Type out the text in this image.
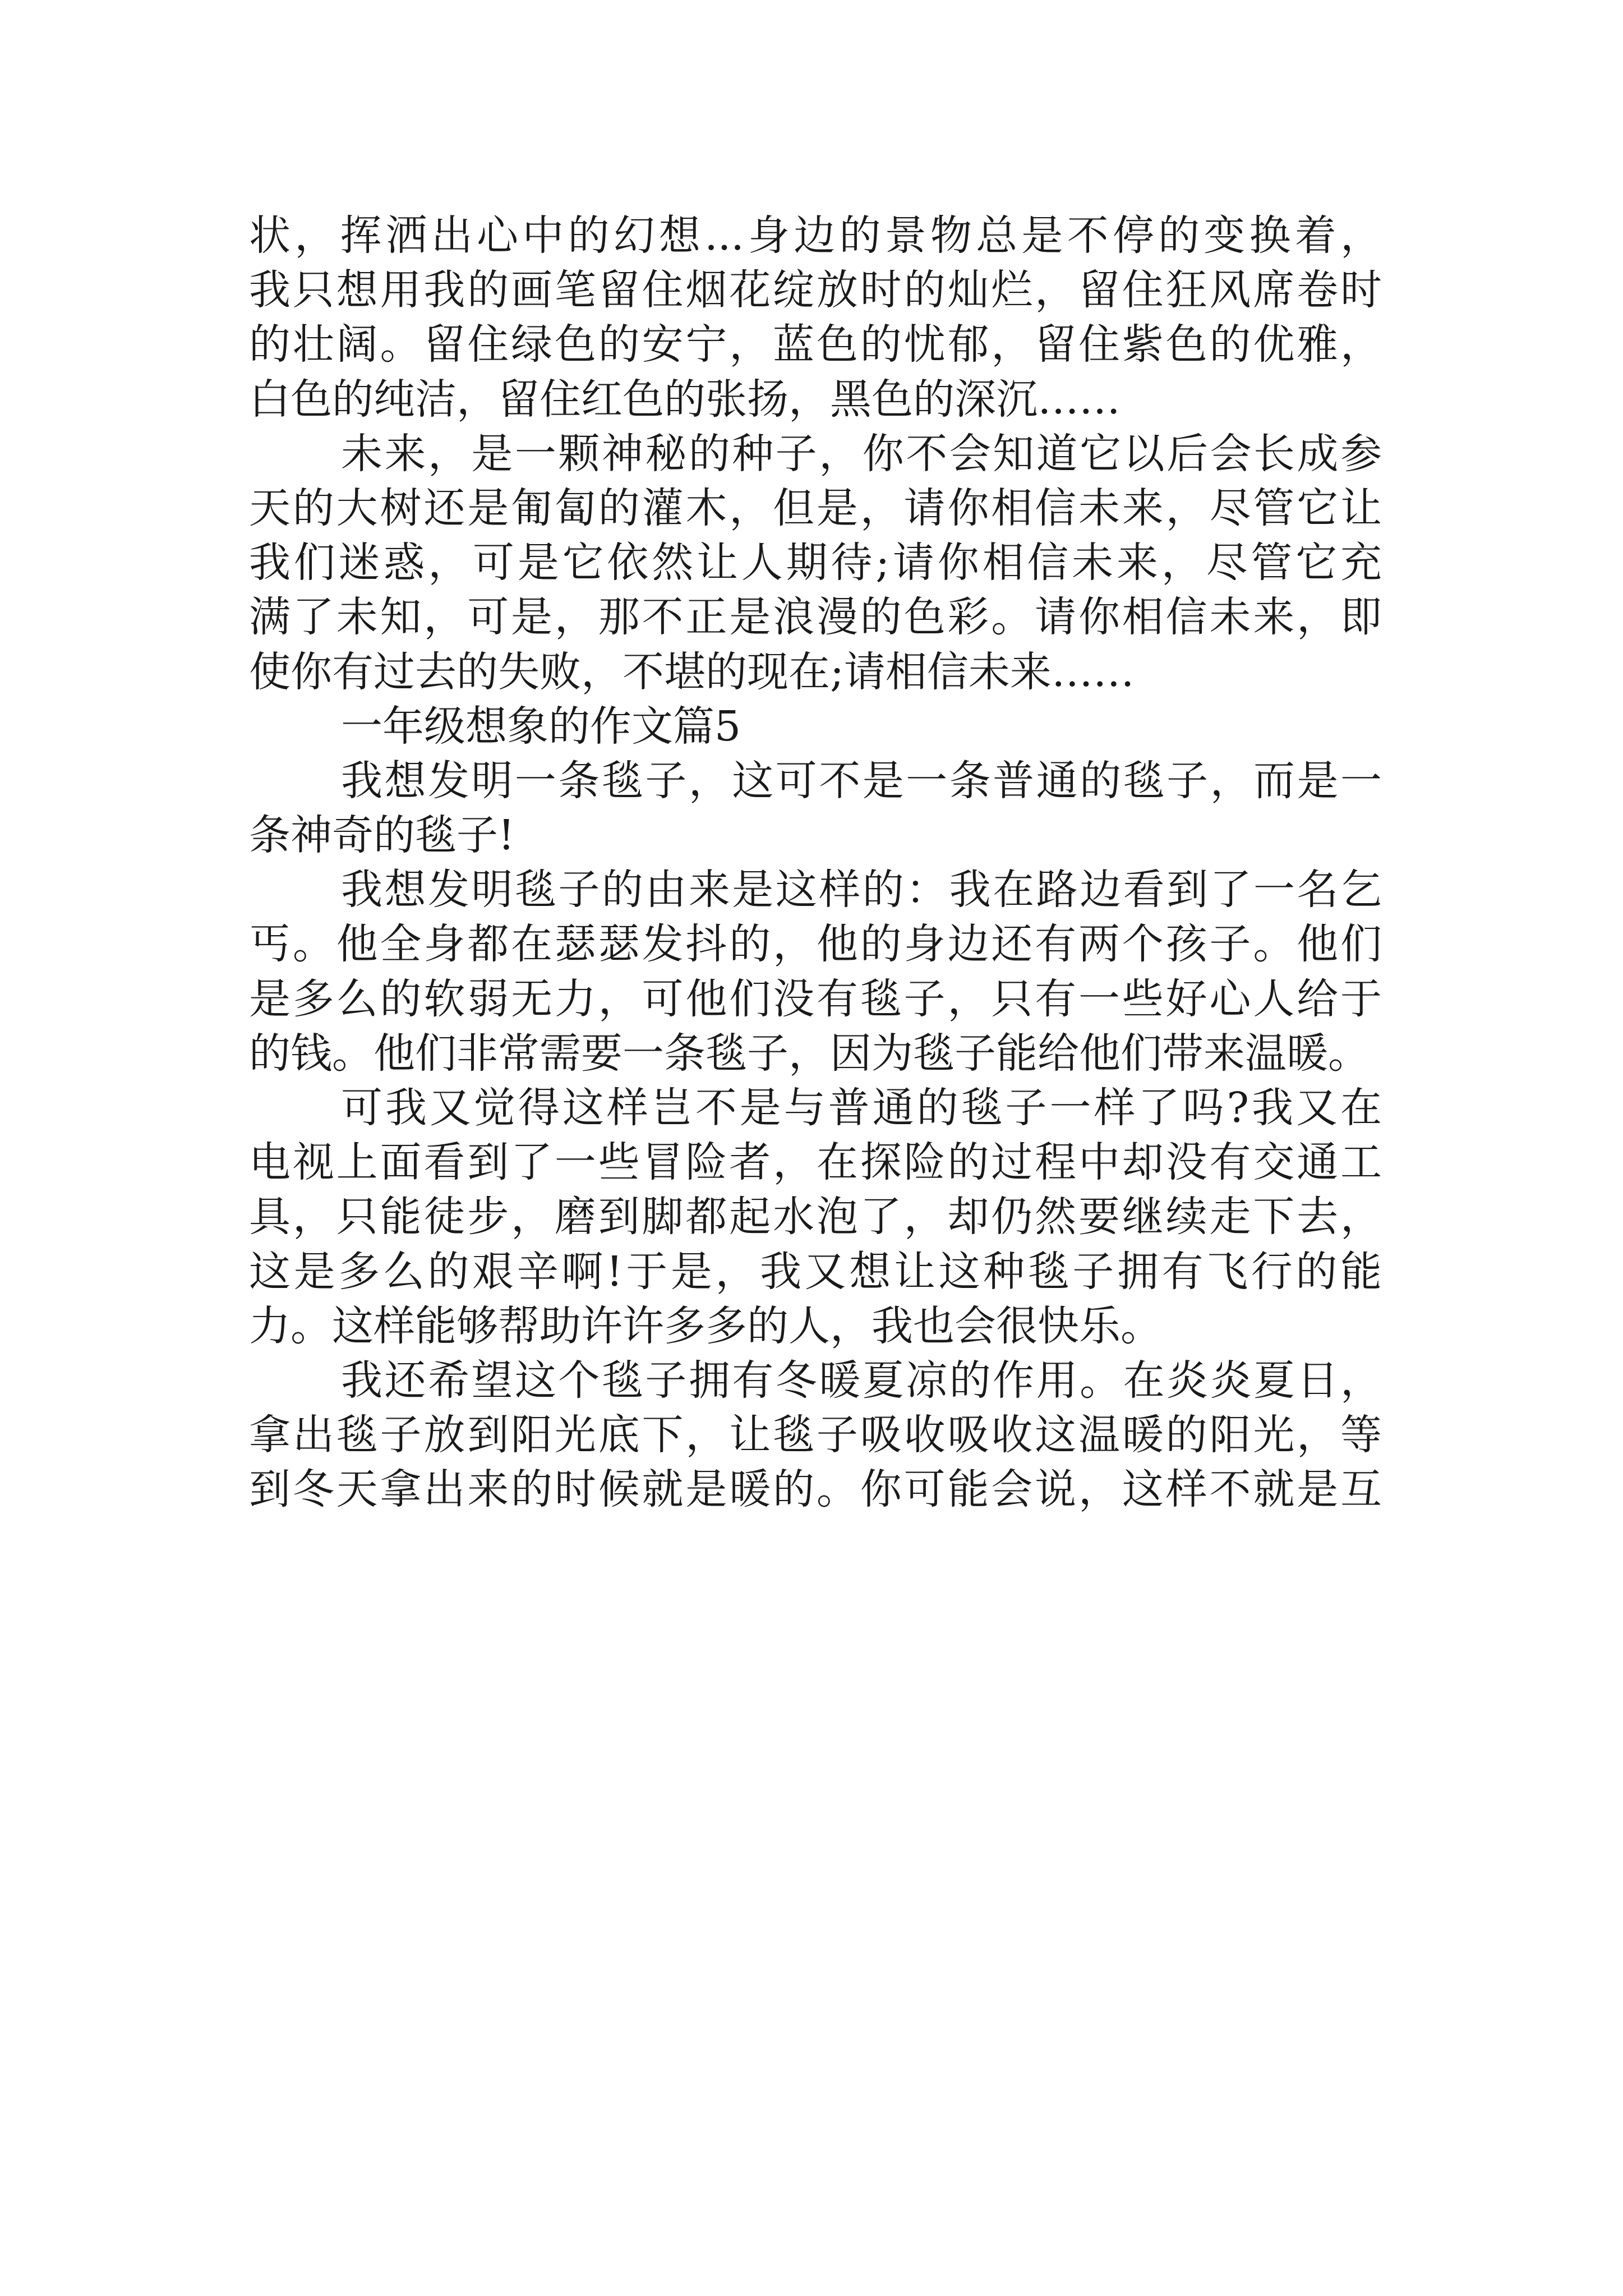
状，挥洒出心中的幻想...身边的景物总是不停的变换着，
我只想用我的画笔留住烟花绽放时的灿烂，留住狂风席卷时
的壮阔。留住绿色的安宁，蓝色的忧郁，留住紫色的优雅，
白色的纯洁，留住红色的张扬，黑色的深沉……
未来，是一颗神秘的种子，你不会知道它以后会长成参
天的大树还是匍匐的灌木，但是，请你相信未来，尽管它让
我们迷惑，可是它依然让人期待;请你相信未来，尽管它充
满了未知，可是，那不正是浪漫的色彩。请你相信未来，即
使你有过去的失败，不堪的现在;请相信未来……
一年级想象的作文篇5
我想发明一条毯子，这可不是一条普通的毯子，而是一
条神奇的毯子!
我想发明毯子的由来是这样的：我在路边看到了一名乞
丐。他全身都在瑟瑟发抖的，他的身边还有两个孩子。他们
是多么的软弱无力，可他们没有毯子，只有一些好心人给于
的钱。他们非常需要一条毯子，因为毯子能给他们带来温暖。
可我又觉得这样岂不是与普通的毯子一样了吗?我又在
电视上面看到了一些冒险者，在探险的过程中却没有交通工
具，只能徒步，磨到脚都起水泡了，却仍然要继续走下去，
这是多么的艰辛啊!于是，我又想让这种毯子拥有飞行的能
力。这样能够帮助许许多多的人，我也会很快乐。
我还希望这个毯子拥有冬暖夏凉的作用。在炎炎夏日，
拿出毯子放到阳光底下，让毯子吸收吸收这温暖的阳光，等
到冬天拿出来的时候就是暖的。你可能会说，这样不就是互
